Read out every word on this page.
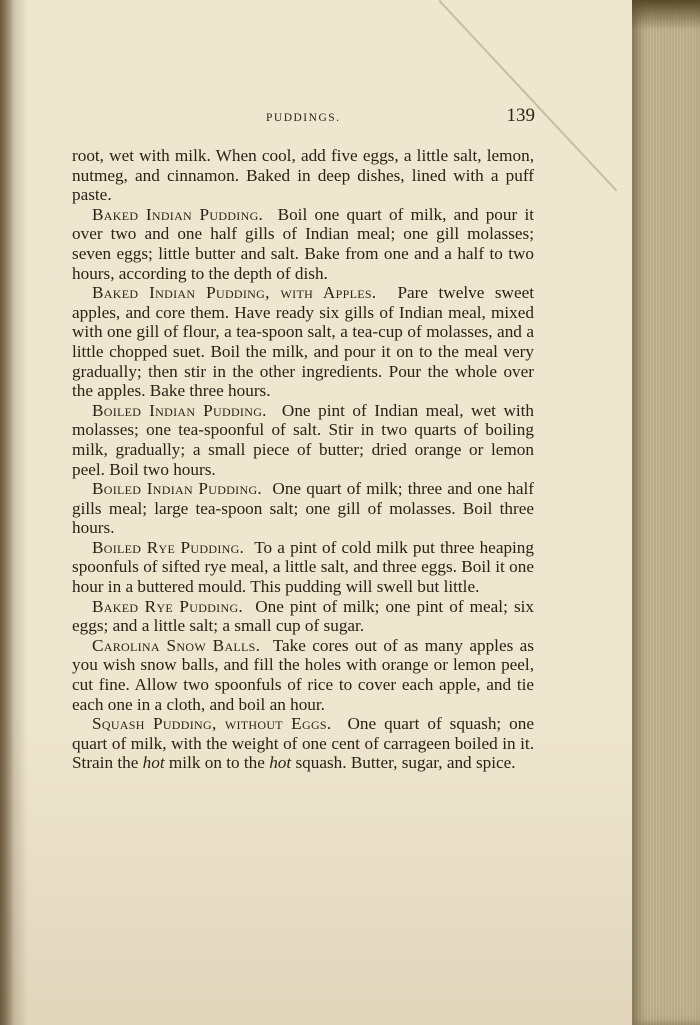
PUDDINGS.	139

root, wet with milk. When cool, add five eggs, a little salt, lemon, nutmeg, and cinnamon. Baked in deep dishes, lined with a puff paste.

Baked Indian Pudding. Boil one quart of milk, and pour it over two and one half gills of Indian meal; one gill molasses; seven eggs; little butter and salt. Bake from one and a half to two hours, according to the depth of dish.

Baked Indian Pudding, with Apples. Pare twelve sweet apples, and core them. Have ready six gills of Indian meal, mixed with one gill of flour, a tea-spoon salt, a tea-cup of molasses, and a little chopped suet. Boil the milk, and pour it on to the meal very gradually; then stir in the other ingredients. Pour the whole over the apples. Bake three hours.

Boiled Indian Pudding. One pint of Indian meal, wet with molasses; one tea-spoonful of salt. Stir in two quarts of boiling milk, gradually; a small piece of butter; dried orange or lemon peel. Boil two hours.

Boiled Indian Pudding. One quart of milk; three and one half gills meal; large tea-spoon salt; one gill of molasses. Boil three hours.

Boiled Rye Pudding. To a pint of cold milk put three heaping spoonfuls of sifted rye meal, a little salt, and three eggs. Boil it one hour in a buttered mould. This pudding will swell but little.

Baked Rye Pudding. One pint of milk; one pint of meal; six eggs; and a little salt; a small cup of sugar.

Carolina Snow Balls. Take cores out of as many apples as you wish snow balls, and fill the holes with orange or lemon peel, cut fine. Allow two spoonfuls of rice to cover each apple, and tie each one in a cloth, and boil an hour.

Squash Pudding, without Eggs. One quart of squash; one quart of milk, with the weight of one cent of carrageen boiled in it. Strain the hot milk on to the hot squash. Butter, sugar, and spice.
